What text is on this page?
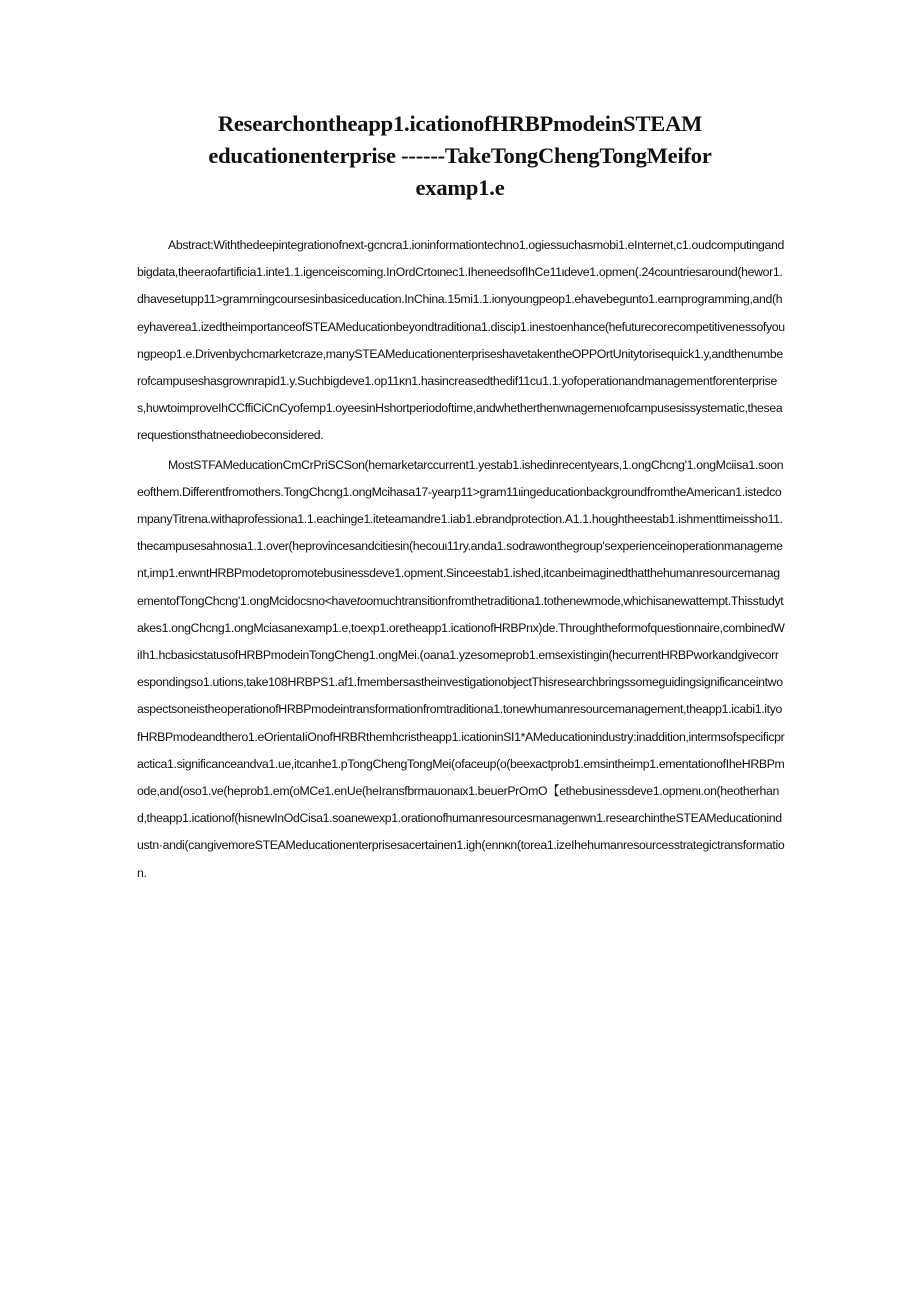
Researchontheapp1.icationofHRBPmodeinSTEAM
educationenterprise ------TakeTongChengTongMeifor
examp1.e

Abstract:Withthedeepintegrationofnext-gcncra1.ioninformationtechno1.ogiessuchasmobi1.eInternet,c1.oudcomputingandbigdata,theeraofartificia1.inte1.1.igenceiscoming.InOrdCrtoιnec1.IheneedsofIhCe11ιdeve1.opmen(.24countriesaround(hewor1.dhavesetupp11>gramrningcoursesinbasiceducation.InChina.15mi1.1.ionyoungpeop1.ehavebegunto1.earnprogramming,and(heyhaverea1.izedtheimportanceofSTEAMeducationbeyondtraditiona1.discip1.inestoenhance(hefuturecorecompetitivenessofyoungpeop1.e.Drivenbychcmarketcraze,manySTEAMeducationenterpriseshavetakentheOPPOrtUnitytorisequick1.y,andthenumberofcampuseshasgrownrapid1.y.Suchbigdeve1.op11κn1.hasincreasedthedif11cu1.1.yofoperationandmanagementforenterprises,hυwtoimproveIhCCffiCiCnCyofemp1.oyeesinHshortperiodoftime,andwhetherthenwnagemenιofcampusesissystematic,thesearequestionsthatneedιobeconsidered.

MostSTFAMeducationCmCrPriSCSon(hemarketarccurrent1.yestab1.ishedinrecentyears,1.ongChcng'1.ongMciisa1.sooneofthem.Differentfromothers.TongChcng1.ongMcihasa17-yearp11>gram11ιingeducationbackgroundfromtheAmerican1.istedcompanyTitrena.withaprofessiona1.1.eachinge1.iteteamandre1.iab1.ebrandprotection.A1.1.houghtheestab1.ishmenttimeissho11.thecampusesahnosιa1.1.over(heprovincesandcitiesin(hecouι11ry.anda1.sodrawonthegroup'sexperienceinoperationmanagement,imp1.enwntHRBPmodetopromotebusinessdeve1.opment.Sinceestab1.ished,itcanbeimaginedthatthehumanresourcemanagementofTongChcng'1.ongMcidocsno<havetoomuchtransitionfromthetraditiona1.tothenewmode,whichisanewattempt.Thisstudytakes1.ongChcng1.ongMciasanexamp1.e,toexp1.oretheapp1.icationofHRBPnx)de.Throughtheformofquestionnaire,combinedWiIh1.hcbasicstatusofHRBPmodeinTongCheng1.ongMei.(oana1.yzesomeprob1.emsexistingin(hecurrentHRBPworkandgivecorrespondingso1.utions,take108HRBPS1.af1.fmembersastheinvestigationobjectThisresearchbringssomeguidingsignificanceintwoaspectsoneistheoperationofHRBPmodeintransformationfromtraditiona1.tonewhumanresourcemanagement,theapp1.icabi1.ityofHRBPmodeandthero1.eOrientaIiOnofHRBRthemhcristheapp1.icationinSI1*AMeducationindustry:inaddition,intermsofspecificpractica1.significanceandva1.ue,itcanhe1.pTongChengTongMei(ofaceup(o(beexactprob1.emsintheimp1.ementationofIheHRBPmode,and(oso1.ve(heprob1.em(oMCe1.enUe(heIransfbrmauonaιx1.beuerPrOmO【ethebusinessdeve1.opmenι.on(heotherhand,theapp1.icationof(hisnewInOdCisa1.soanewexp1.orationofhumanresourcesmanagenwn1.researchintheSTEAMeducationindustn·andi(cangivemoreSTEAMeducationenterprisesacertainen1.igh(ennκn(torea1.izeIhehumanresourcesstrategictransformation.
